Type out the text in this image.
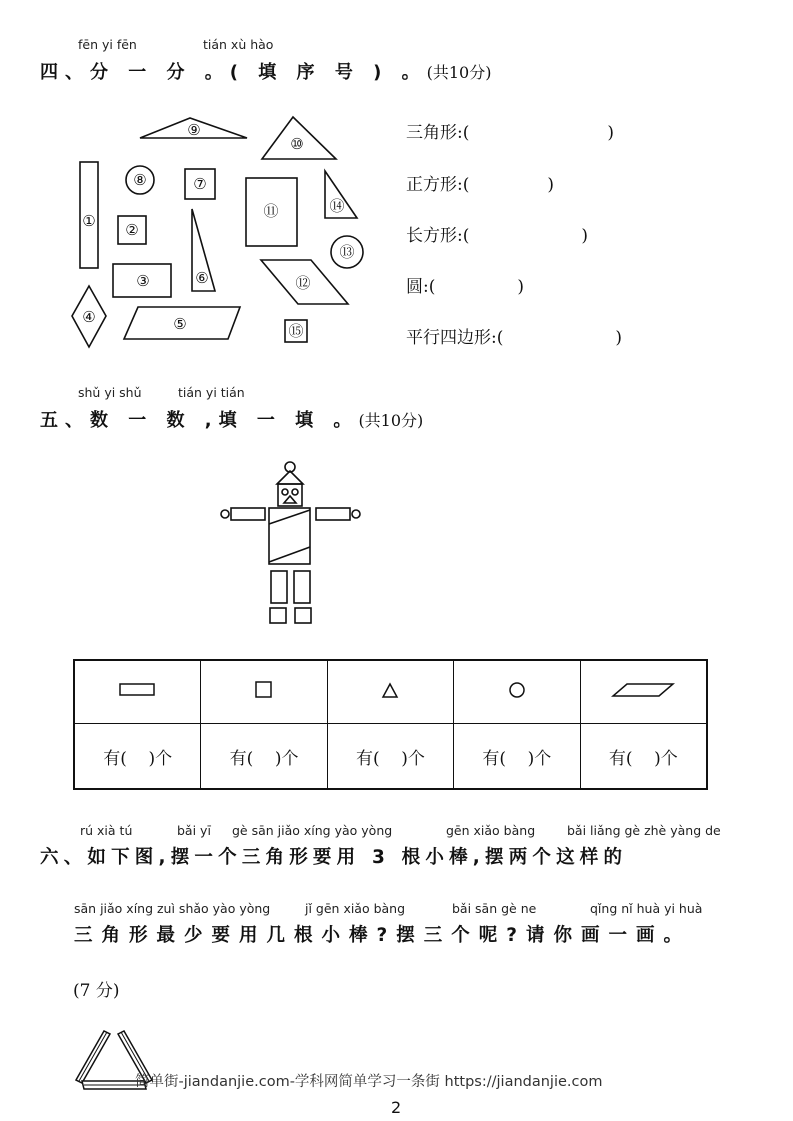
fēn yi fēn	tián xù hào
四、分 一 分 。( 填 序 号 ) 。(共10分)
⑨
⑩
①
⑧	⑦
⑪	⑭
②
⑥
⑬
③	⑫
④	⑤	⑮
三角形:(	)
正方形:(	)
长方形:(	)
圆:(	)
平行四边形:(	)
shǔ yi shǔ	tián yi tián
五、数 一 数 ,填 一 填 。(共10分)

有(    )个	有(    )个	有(    )个	有(    )个	有(    )个
rú xià tú	bǎi yī gè sān jiǎo xíng yào yòng	gēn xiǎo bàng	bǎi liǎng gè zhè yàng de
六、如下图,摆一个三角形要用 3 根小棒,摆两个这样的
sān jiǎo xíng zuì shǎo yào yòng	jǐ gēn xiǎo bàng	bǎi sān gè ne	qǐng nǐ huà yi huà
三角形最少要用几根小棒?摆三个呢?请你画一画。
(7 分)
简单街-jiandanjie.com-学科网简单学习一条街 https://jiandanjie.com
2
